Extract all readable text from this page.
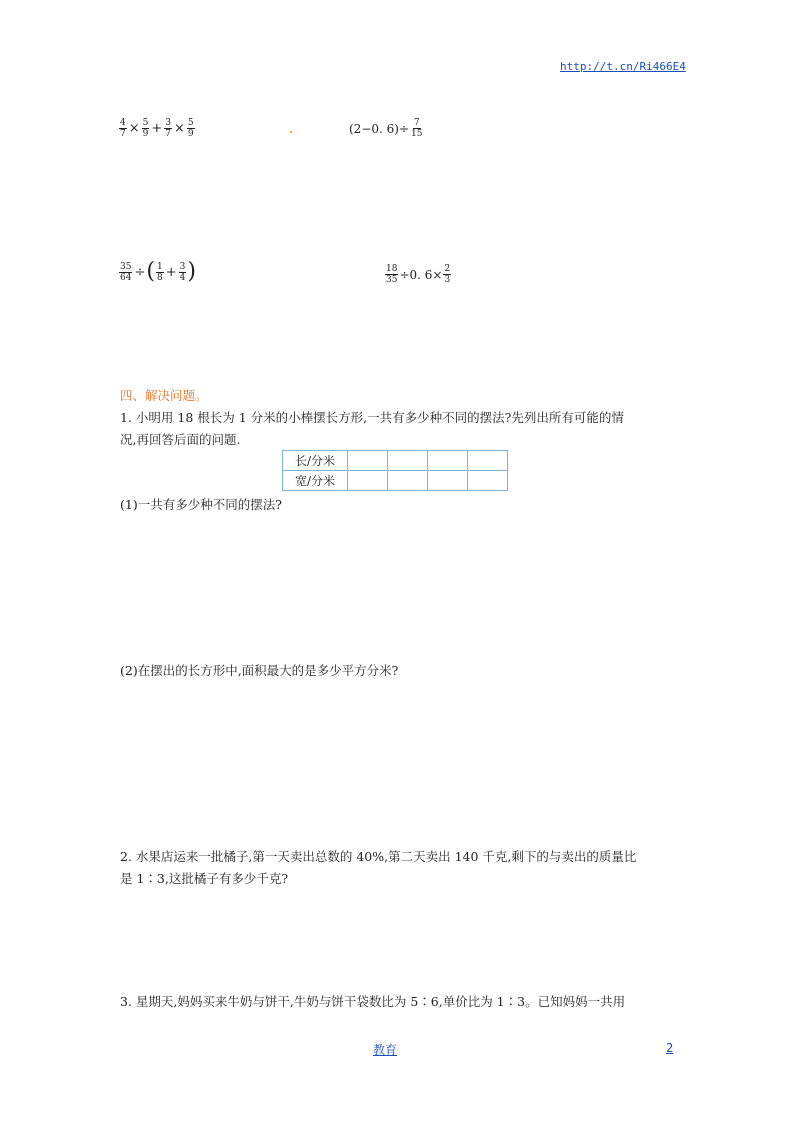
http://t.cn/Ri466E4
$\frac{4}{7} \times \frac{5}{9} + \frac{3}{7} \times \frac{5}{9}$	(2−0. $6)\div \frac{7}{15}$
$\frac{35}{64}$ ÷ ( $\frac{1}{8} + \frac{3}{4}$ )	$\frac{18}{35} \div 0$. $6\times \frac{2}{3}$
四、解决问题。
1. 小明用 18 根长为 1 分米的小棒摆长方形,一共有多少种不同的摆法?先列出所有可能的情
况,再回答后面的问题.
长/分米				
宽/分米				
(1)一共有多少种不同的摆法?
(2)在摆出的长方形中,面积最大的是多少平方分米?
2. 水果店运来一批橘子,第一天卖出总数的 40%,第二天卖出 140 千克,剩下的与卖出的质量比
是 1∶3,这批橘子有多少千克?
3. 星期天,妈妈买来牛奶与饼干,牛奶与饼干袋数比为 5∶6,单价比为 1∶3。已知妈妈一共用
教育	2
